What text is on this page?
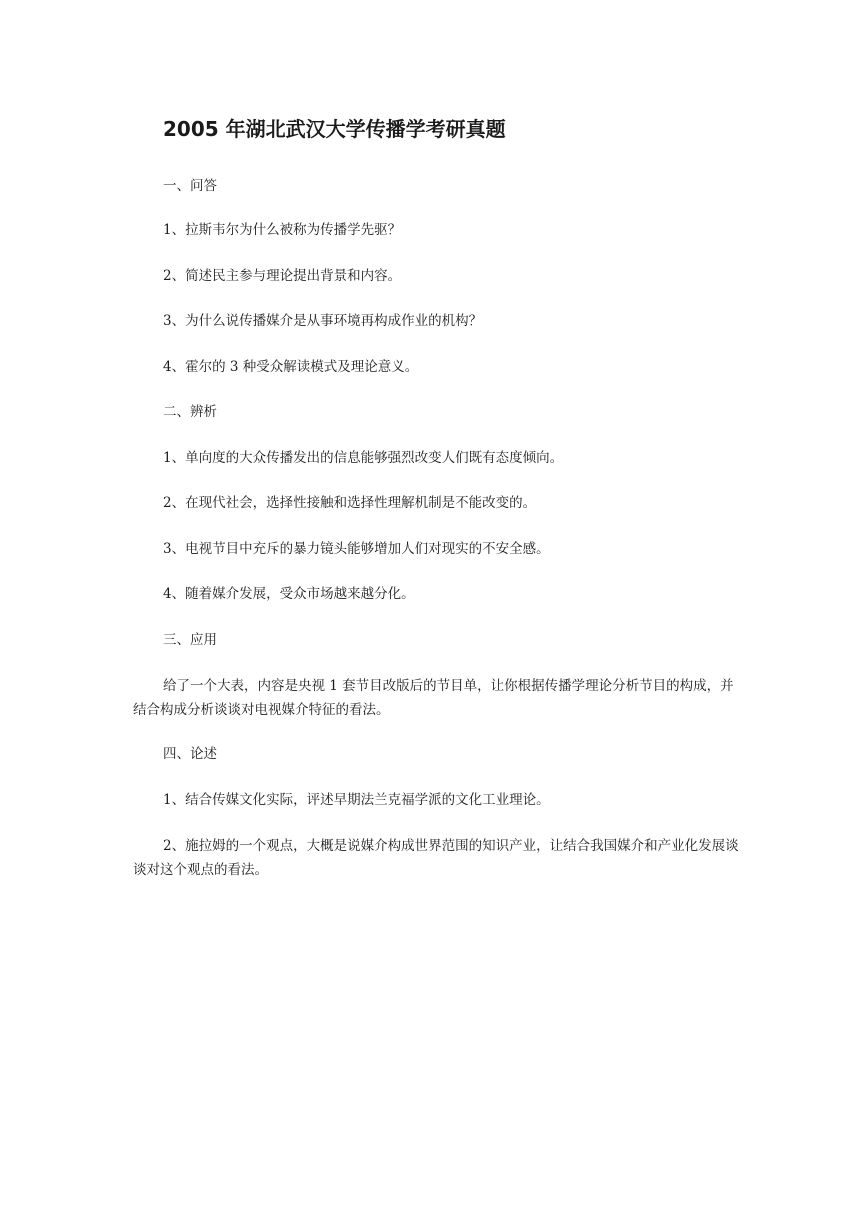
2005 年湖北武汉大学传播学考研真题
一、问答
1、拉斯韦尔为什么被称为传播学先驱？
2、简述民主参与理论提出背景和内容。
3、为什么说传播媒介是从事环境再构成作业的机构？
4、霍尔的 3 种受众解读模式及理论意义。
二、辨析
1、单向度的大众传播发出的信息能够强烈改变人们既有态度倾向。
2、在现代社会，选择性接触和选择性理解机制是不能改变的。
3、电视节目中充斥的暴力镜头能够增加人们对现实的不安全感。
4、随着媒介发展，受众市场越来越分化。
三、应用

给了一个大表，内容是央视 1 套节目改版后的节目单，让你根据传播学理论分析节目的构成，并结合构成分析谈谈对电视媒介特征的看法。

四、论述
1、结合传媒文化实际，评述早期法兰克福学派的文化工业理论。

2、施拉姆的一个观点，大概是说媒介构成世界范围的知识产业，让结合我国媒介和产业化发展谈谈对这个观点的看法。
